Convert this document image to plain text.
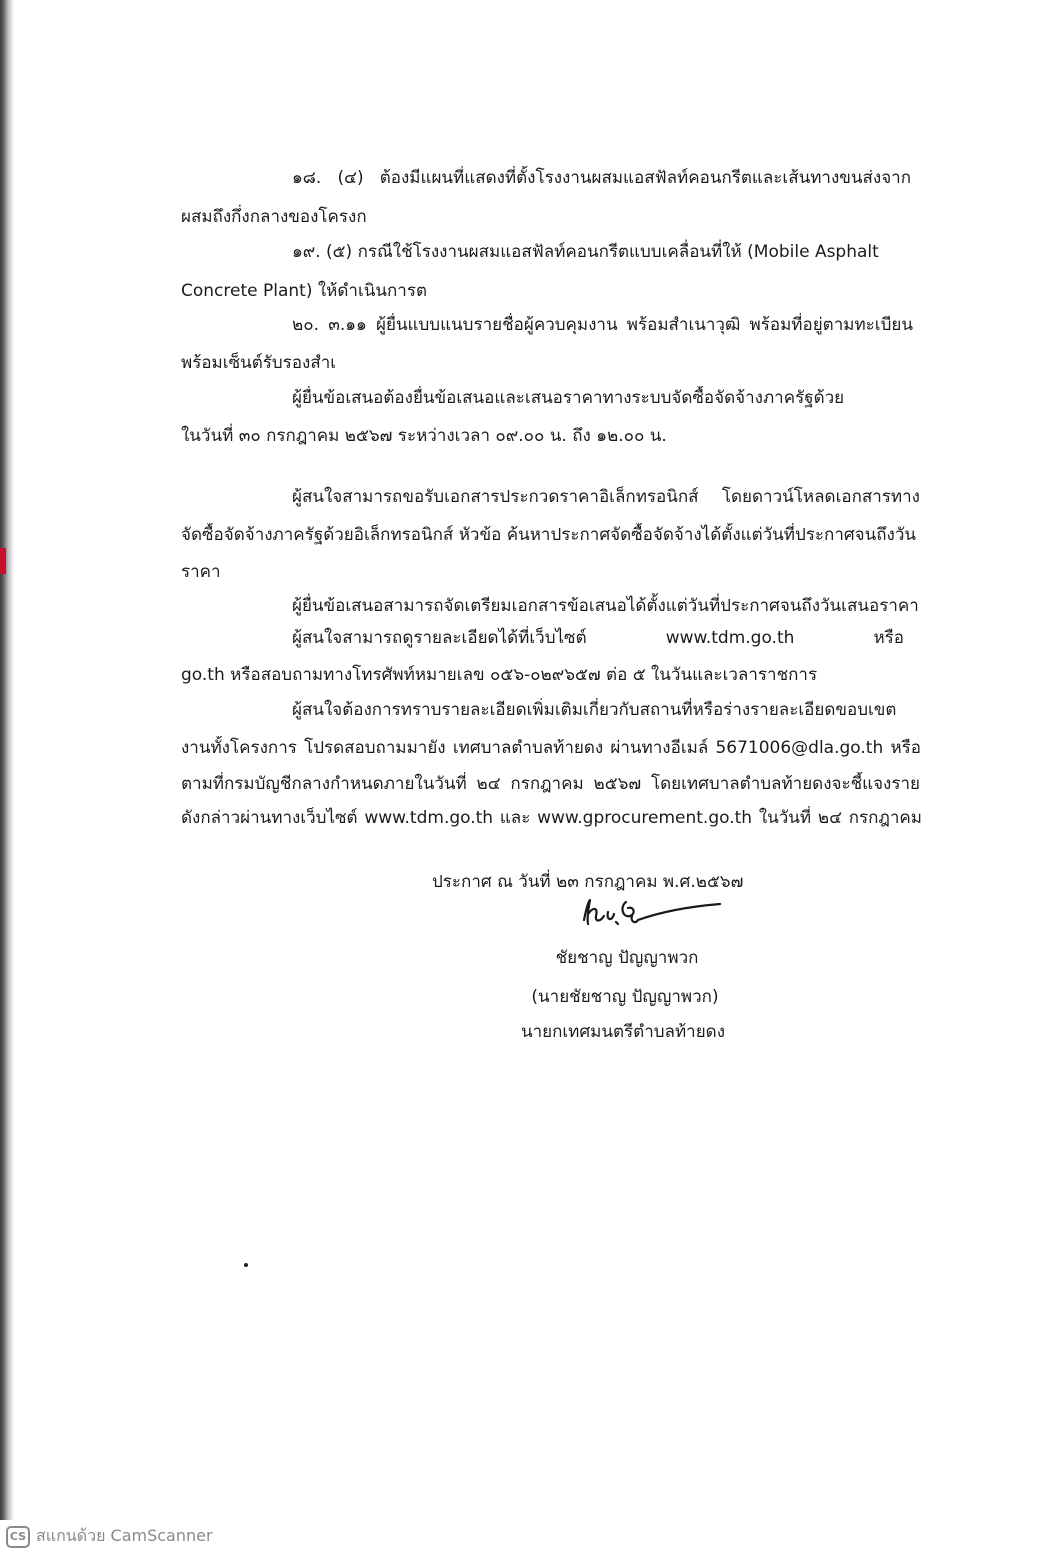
๑๘. (๔) ต้องมีแผนที่แสดงที่ตั้งโรงงานผสมแอสฟัลท์คอนกรีตและเส้นทางขนส่งจาก
ผสมถึงกึ่งกลางของโครงก
๑๙. (๕) กรณีใช้โรงงานผสมแอสฟัลท์คอนกรีตแบบเคลื่อนที่ให้ (Mobile Asphalt
Concrete Plant) ให้ดำเนินการต
๒๐. ๓.๑๑ ผู้ยื่นแบบแนบรายชื่อผู้ควบคุมงาน พร้อมสำเนาวุฒิ พร้อมที่อยู่ตามทะเบียน
พร้อมเซ็นต์รับรองสำเ
ผู้ยื่นข้อเสนอต้องยื่นข้อเสนอและเสนอราคาทางระบบจัดซื้อจัดจ้างภาครัฐด้วย
ในวันที่ ๓๐ กรกฎาคม ๒๕๖๗ ระหว่างเวลา ๐๙.๐๐ น. ถึง ๑๒.๐๐ น.
ผู้สนใจสามารถขอรับเอกสารประกวดราคาอิเล็กทรอนิกส์ โดยดาวน์โหลดเอกสารทาง
จัดซื้อจัดจ้างภาครัฐด้วยอิเล็กทรอนิกส์ หัวข้อ ค้นหาประกาศจัดซื้อจัดจ้างได้ตั้งแต่วันที่ประกาศจนถึงวัน
ราคา
ผู้ยื่นข้อเสนอสามารถจัดเตรียมเอกสารข้อเสนอได้ตั้งแต่วันที่ประกาศจนถึงวันเสนอราคา
ผู้สนใจสามารถดูรายละเอียดได้ที่เว็บไซต์ www.tdm.go.th หรือ
go.th หรือสอบถามทางโทรศัพท์หมายเลข ๐๕๖-๐๒๙๖๕๗ ต่อ ๕ ในวันและเวลาราชการ
ผู้สนใจต้องการทราบรายละเอียดเพิ่มเติมเกี่ยวกับสถานที่หรือร่างรายละเอียดขอบเขต
งานทั้งโครงการ โปรดสอบถามมายัง เทศบาลตำบลท้ายดง ผ่านทางอีเมล์ 5671006@dla.go.th หรือ
ตามที่กรมบัญชีกลางกำหนดภายในวันที่ ๒๔ กรกฎาคม ๒๕๖๗ โดยเทศบาลตำบลท้ายดงจะชี้แจงราย
ดังกล่าวผ่านทางเว็บไซต์ www.tdm.go.th และ www.gprocurement.go.th ในวันที่ ๒๔ กรกฎาคม
ประกาศ ณ วันที่ ๒๓ กรกฎาคม พ.ศ.๒๕๖๗
ชัยชาญ ปัญญาพวก
(นายชัยชาญ ปัญญาพวก)
นายกเทศมนตรีตำบลท้ายดง
CS สแกนด้วย CamScanner
